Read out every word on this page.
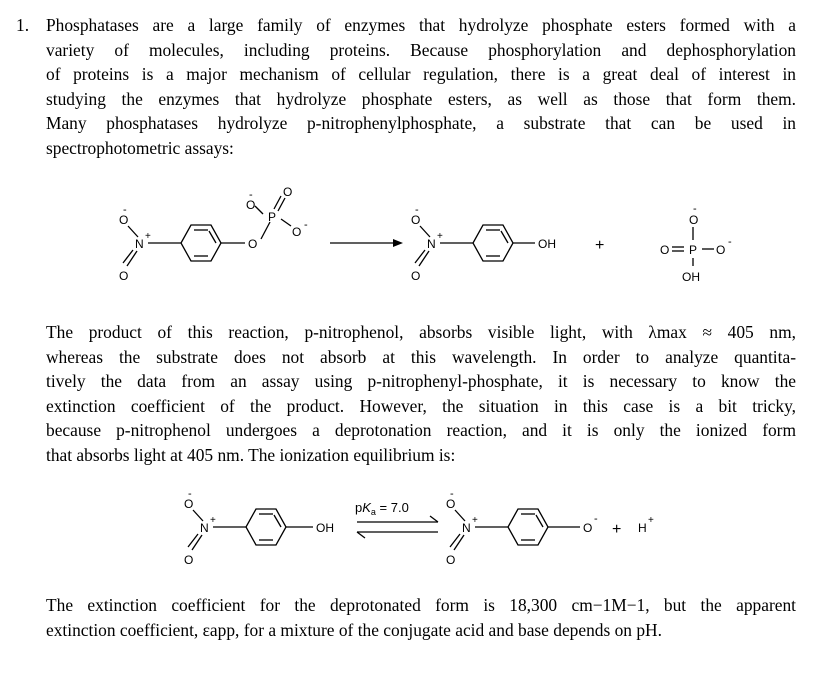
1. Phosphatases are a large family of enzymes that hydrolyze phosphate esters formed with a
variety of molecules, including proteins. Because phosphorylation and dephosphorylation
of proteins is a major mechanism of cellular regulation, there is a great deal of interest in
studying the enzymes that hydrolyze phosphate esters, as well as those that form them.
Many phosphatases hydrolyze p-nitrophenylphosphate, a substrate that can be used in
spectrophotometric assays:
The product of this reaction, p-nitrophenol, absorbs visible light, with λmax ≈ 405 nm,
whereas the substrate does not absorb at this wavelength. In order to analyze quantita-
tively the data from an assay using p-nitrophenyl-phosphate, it is necessary to know the
extinction coefficient of the product. However, the situation in this case is a bit tricky,
because p-nitrophenol undergoes a deprotonation reaction, and it is only the ionized form
that absorbs light at 405 nm. The ionization equilibrium is:
The extinction coefficient for the deprotonated form is 18,300 cm−1M−1, but the apparent
extinction coefficient, εapp, for a mixture of the conjugate acid and base depends on pH.
O
-
N
+
O
O
P
O
-	O
O -	O
-
N
+
O
OH +	O P O
-
O
-
OH
O
-
N
+
O
OH
$pK_a = 7.0$	O
-
N
+
O
O
-
+ H
+
